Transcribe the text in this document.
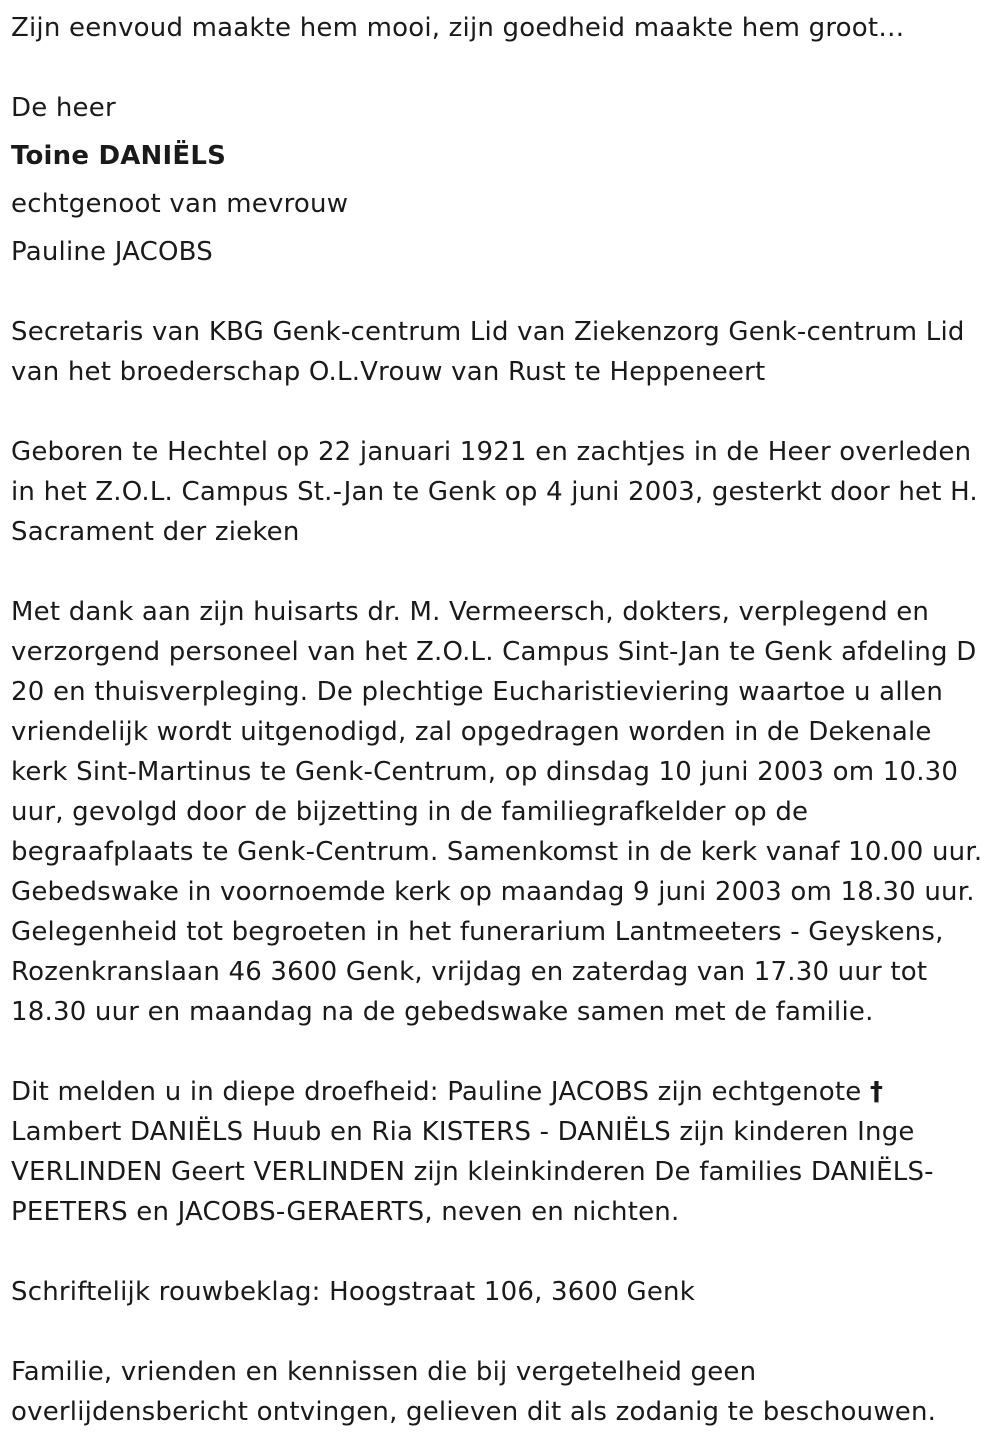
Zijn eenvoud maakte hem mooi, zijn goedheid maakte hem groot…

De heer

Toine DANIËLS

echtgenoot van mevrouw

Pauline JACOBS

Secretaris van KBG Genk-centrum Lid van Ziekenzorg Genk-centrum Lid

van het broederschap O.L.Vrouw van Rust te Heppeneert

Geboren te Hechtel op 22 januari 1921 en zachtjes in de Heer overleden

in het Z.O.L. Campus St.-Jan te Genk op 4 juni 2003, gesterkt door het H.

Sacrament der zieken

Met dank aan zijn huisarts dr. M. Vermeersch, dokters, verplegend en

verzorgend personeel van het Z.O.L. Campus Sint-Jan te Genk afdeling D

20 en thuisverpleging. De plechtige Eucharistieviering waartoe u allen

vriendelijk wordt uitgenodigd, zal opgedragen worden in de Dekenale

kerk Sint-Martinus te Genk-Centrum, op dinsdag 10 juni 2003 om 10.30

uur, gevolgd door de bijzetting in de familiegrafkelder op de

begraafplaats te Genk-Centrum. Samenkomst in de kerk vanaf 10.00 uur.

Gebedswake in voornoemde kerk op maandag 9 juni 2003 om 18.30 uur.

Gelegenheid tot begroeten in het funerarium Lantmeeters - Geyskens,

Rozenkranslaan 46 3600 Genk, vrijdag en zaterdag van 17.30 uur tot

18.30 uur en maandag na de gebedswake samen met de familie.

Dit melden u in diepe droefheid: Pauline JACOBS zijn echtgenote †

Lambert DANIËLS Huub en Ria KISTERS - DANIËLS zijn kinderen Inge

VERLINDEN Geert VERLINDEN zijn kleinkinderen De families DANIËLS-

PEETERS en JACOBS-GERAERTS, neven en nichten.

Schriftelijk rouwbeklag: Hoogstraat 106, 3600 Genk

Familie, vrienden en kennissen die bij vergetelheid geen

overlijdensbericht ontvingen, gelieven dit als zodanig te beschouwen.
